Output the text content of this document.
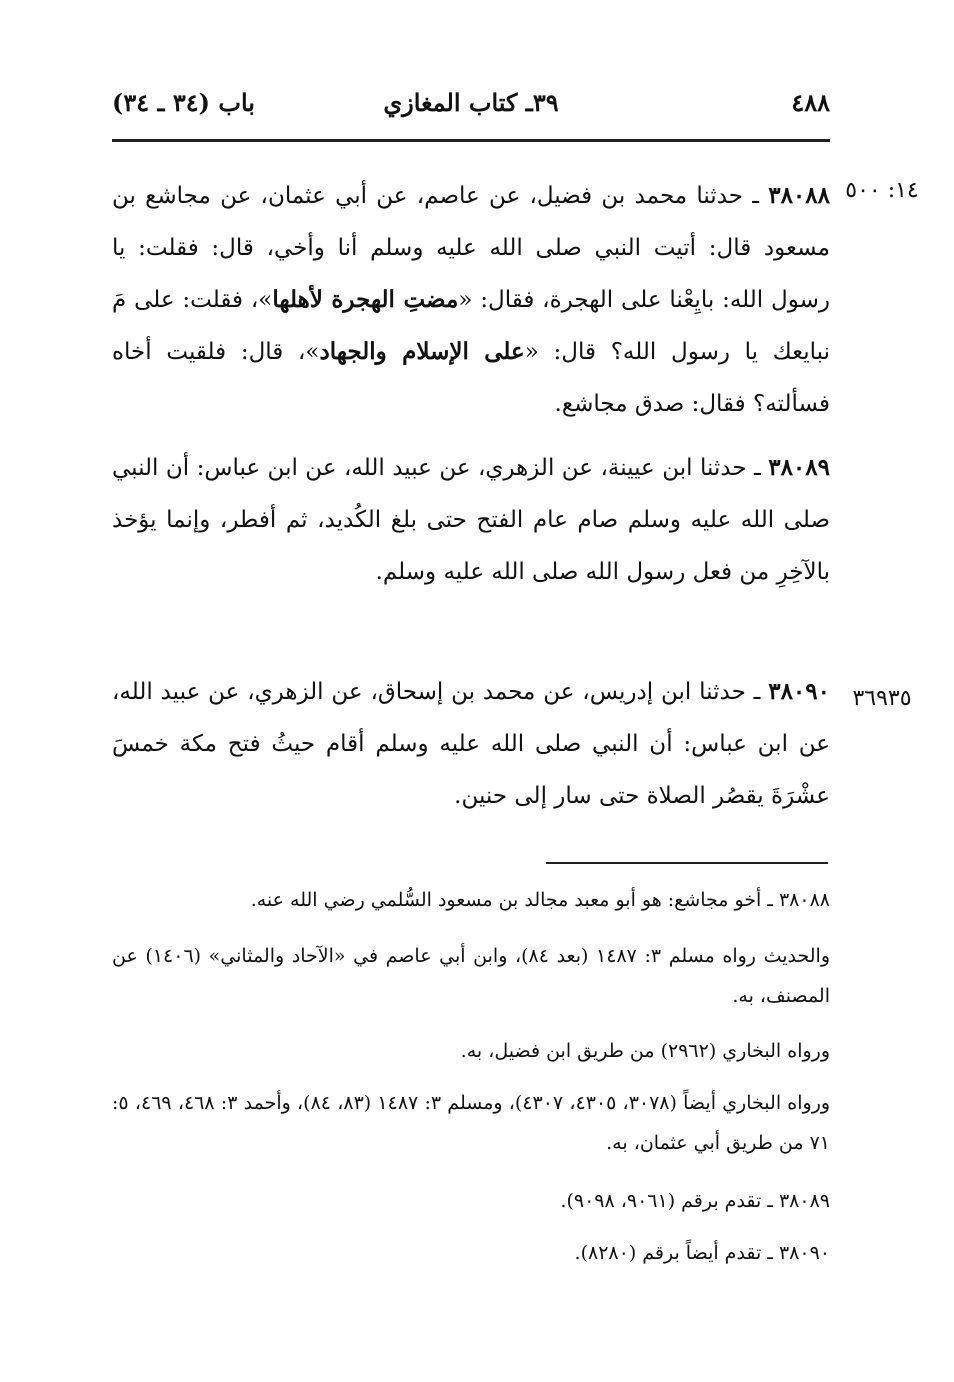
باب (٣٤ ـ ٣٤)	٣٩ـ كتاب المغازي	٤٨٨
١٤: ٥٠٠

٣٨٠٨٨ ـ حدثنا محمد بن فضيل، عن عاصم، عن أبي عثمان، عن مجاشع بن مسعود قال: أتيت النبي صلى الله عليه وسلم أنا وأخي، قال: فقلت: يا رسول الله: بايِعْنا على الهجرة، فقال: «مضتِ الهجرة لأهلها»، فقلت: على مَ نبايعك يا رسول الله؟ قال: «على الإسلام والجهاد»، قال: فلقيت أخاه فسألته؟ فقال: صدق مجاشع.

٣٨٠٨٩ ـ حدثنا ابن عيينة، عن الزهري، عن عبيد الله، عن ابن عباس: أن النبي صلى الله عليه وسلم صام عام الفتح حتى بلغ الكُديد، ثم أفطر، وإنما يؤخذ بالآخِرِ من فعل رسول الله صلى الله عليه وسلم.

٣٦٩٣٥

٣٨٠٩٠ ـ حدثنا ابن إدريس، عن محمد بن إسحاق، عن الزهري، عن عبيد الله، عن ابن عباس: أن النبي صلى الله عليه وسلم أقام حيثُ فتح مكة خمسَ عشْرَةَ يقصُر الصلاة حتى سار إلى حنين.

٣٨٠٨٨ ـ أخو مجاشع: هو أبو معبد مجالد بن مسعود السُّلمي رضي الله عنه.

والحديث رواه مسلم ٣: ١٤٨٧ (بعد ٨٤)، وابن أبي عاصم في «الآحاد والمثاني» (١٤٠٦) عن المصنف، به.

ورواه البخاري (٢٩٦٢) من طريق ابن فضيل، به.

ورواه البخاري أيضاً (٣٠٧٨، ٤٣٠٥، ٤٣٠٧)، ومسلم ٣: ١٤٨٧ (٨٣، ٨٤)، وأحمد ٣: ٤٦٨، ٤٦٩، ٥: ٧١ من طريق أبي عثمان، به.

٣٨٠٨٩ ـ تقدم برقم (٩٠٦١، ٩٠٩٨).

٣٨٠٩٠ ـ تقدم أيضاً برقم (٨٢٨٠).
